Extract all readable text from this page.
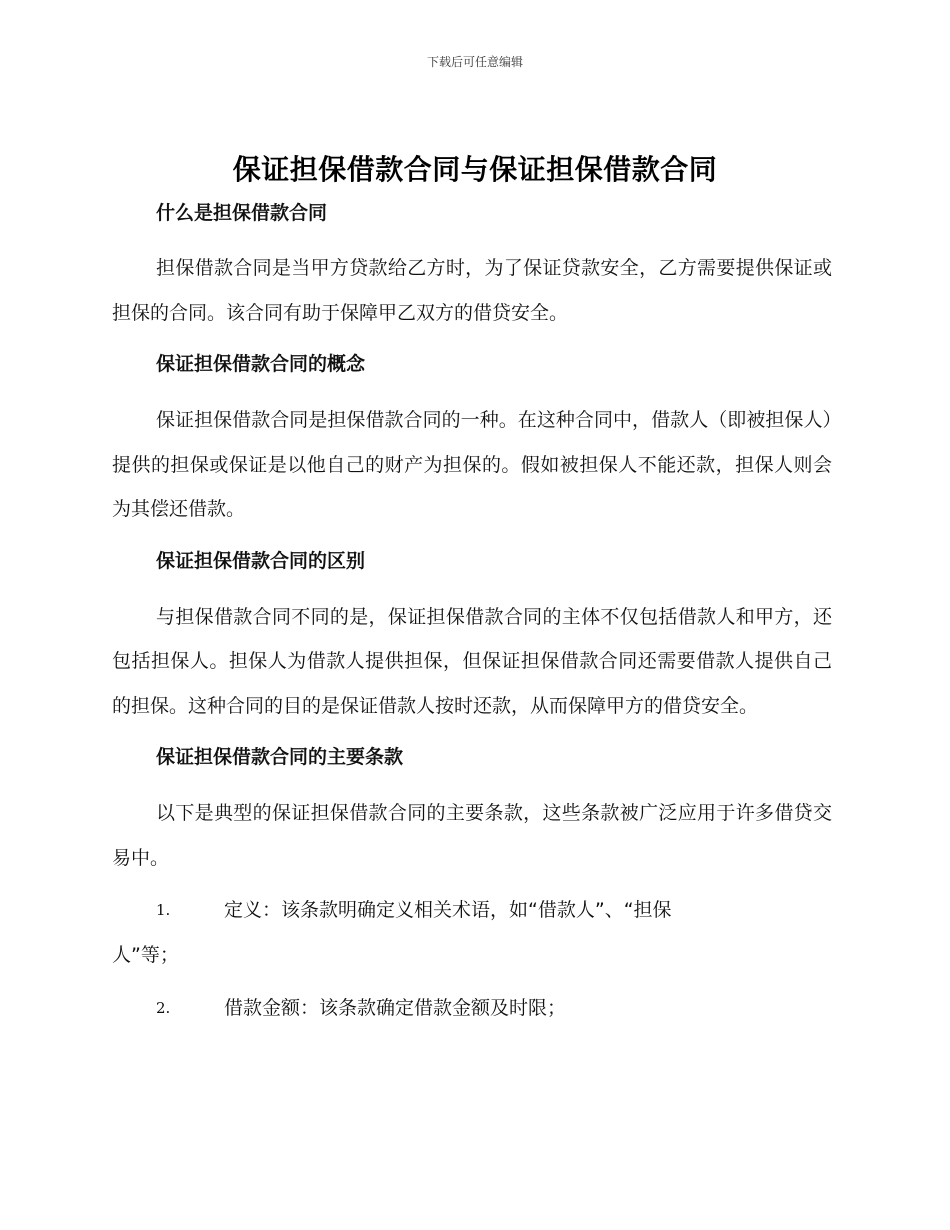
下载后可任意编辑
保证担保借款合同与保证担保借款合同

什么是担保借款合同

担保借款合同是当甲方贷款给乙方时，为了保证贷款安全，乙方需要提供保证或担保的合同。该合同有助于保障甲乙双方的借贷安全。

保证担保借款合同的概念

保证担保借款合同是担保借款合同的一种。在这种合同中，借款人（即被担保人）提供的担保或保证是以他自己的财产为担保的。假如被担保人不能还款，担保人则会为其偿还借款。

保证担保借款合同的区别

与担保借款合同不同的是，保证担保借款合同的主体不仅包括借款人和甲方，还包括担保人。担保人为借款人提供担保，但保证担保借款合同还需要借款人提供自己的担保。这种合同的目的是保证借款人按时还款，从而保障甲方的借贷安全。

保证担保借款合同的主要条款

以下是典型的保证担保借款合同的主要条款，这些条款被广泛应用于许多借贷交易中。

1.	定义：该条款明确定义相关术语，如“借款人”、“担保
人”等；
2.	借款金额：该条款确定借款金额及时限；
